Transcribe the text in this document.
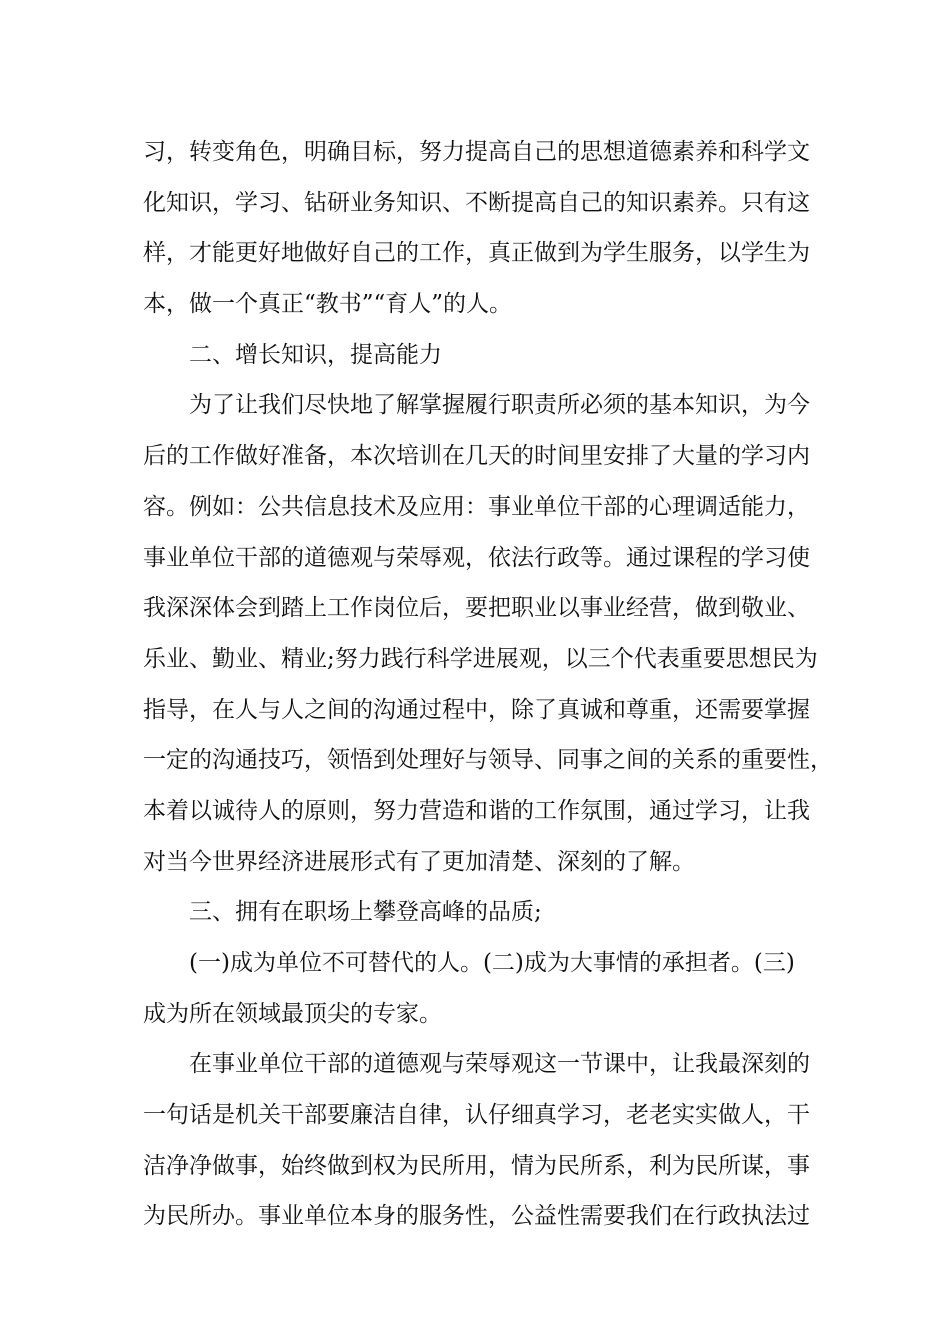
习，转变角色，明确目标，努力提高自己的思想道德素养和科学文
化知识，学习、钻研业务知识、不断提高自己的知识素养。只有这
样，才能更好地做好自己的工作，真正做到为学生服务，以学生为
本，做一个真正“教书”“育人”的人。
二、增长知识，提高能力
为了让我们尽快地了解掌握履行职责所必须的基本知识，为今
后的工作做好准备，本次培训在几天的时间里安排了大量的学习内
容。例如：公共信息技术及应用：事业单位干部的心理调适能力，
事业单位干部的道德观与荣辱观，依法行政等。通过课程的学习使
我深深体会到踏上工作岗位后，要把职业以事业经营，做到敬业、
乐业、勤业、精业;努力践行科学进展观，以三个代表重要思想民为
指导，在人与人之间的沟通过程中，除了真诚和尊重，还需要掌握
一定的沟通技巧，领悟到处理好与领导、同事之间的关系的重要性，
本着以诚待人的原则，努力营造和谐的工作氛围，通过学习，让我
对当今世界经济进展形式有了更加清楚、深刻的了解。
三、拥有在职场上攀登高峰的品质;
(一)成为单位不可替代的人。(二)成为大事情的承担者。(三)
成为所在领域最顶尖的专家。
在事业单位干部的道德观与荣辱观这一节课中，让我最深刻的
一句话是机关干部要廉洁自律，认仔细真学习，老老实实做人，干
洁净净做事，始终做到权为民所用，情为民所系，利为民所谋，事
为民所办。事业单位本身的服务性，公益性需要我们在行政执法过
